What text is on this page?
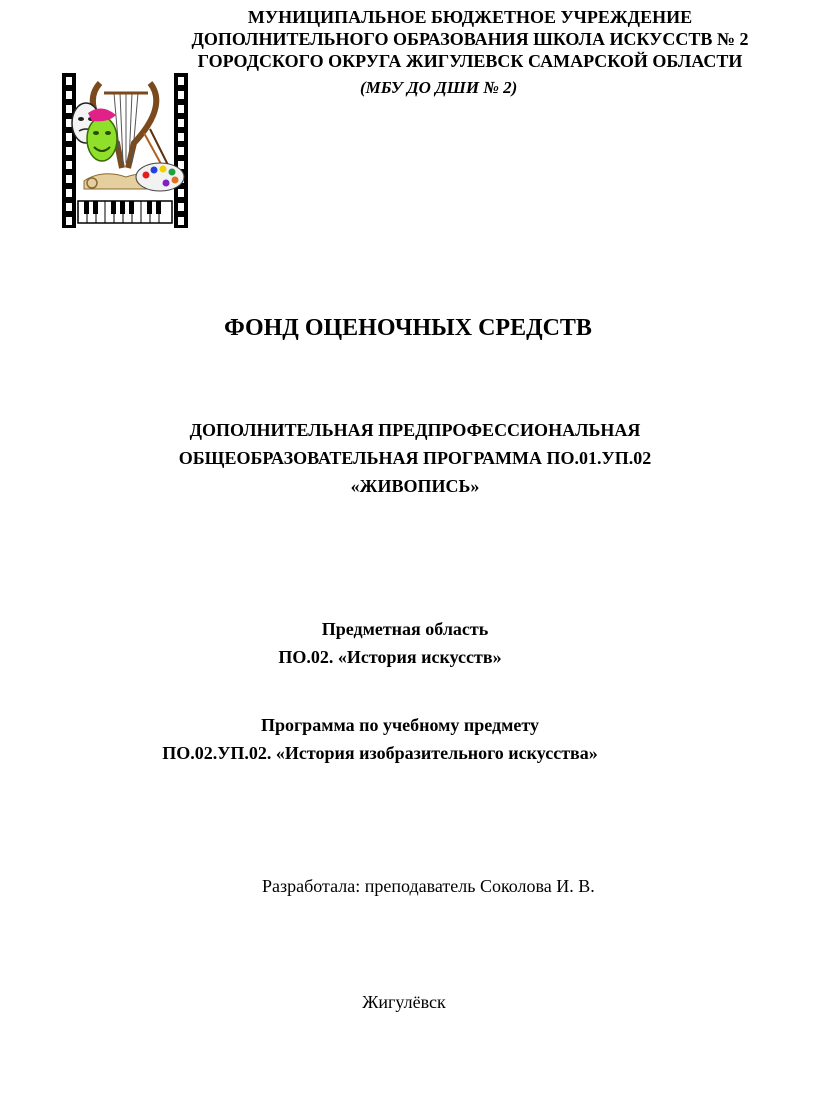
МУНИЦИПАЛЬНОЕ БЮДЖЕТНОЕ УЧРЕЖДЕНИЕ
ДОПОЛНИТЕЛЬНОГО ОБРАЗОВАНИЯ ШКОЛА ИСКУССТВ № 2
ГОРОДСКОГО ОКРУГА ЖИГУЛЕВСК САМАРСКОЙ ОБЛАСТИ
(МБУ ДО ДШИ № 2)
ФОНД ОЦЕНОЧНЫХ СРЕДСТВ
ДОПОЛНИТЕЛЬНАЯ ПРЕДПРОФЕССИОНАЛЬНАЯ
ОБЩЕОБРАЗОВАТЕЛЬНАЯ ПРОГРАММА ПО.01.УП.02
«ЖИВОПИСЬ»
Предметная область
ПО.02. «История искусств»
Программа по учебному предмету
ПО.02.УП.02. «История изобразительного искусства»
Разработала: преподаватель Соколова И. В.
Жигулёвск
